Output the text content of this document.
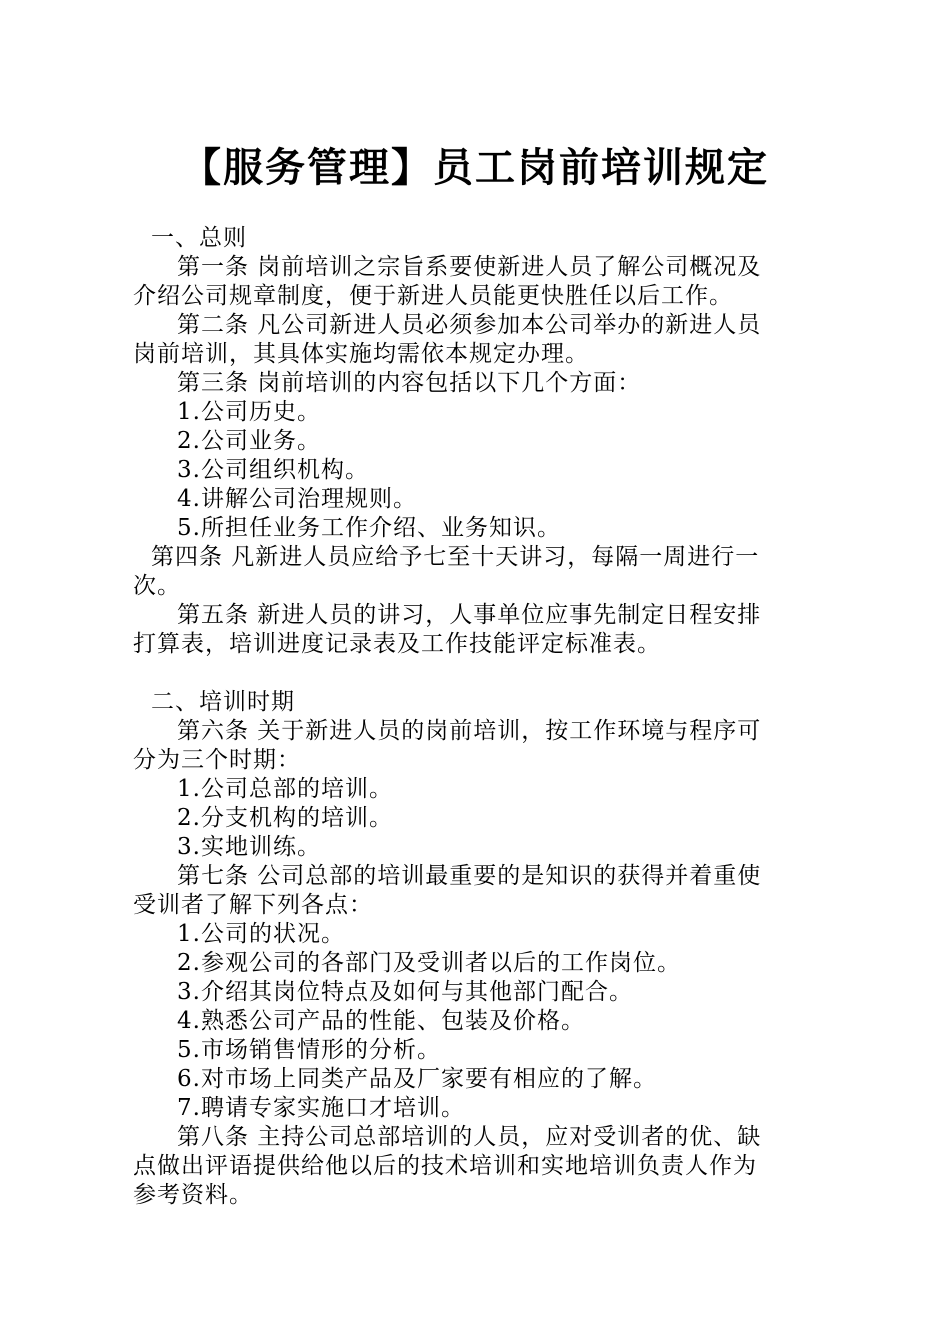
【服务管理】员工岗前培训规定
一、总则
第一条 岗前培训之宗旨系要使新进人员了解公司概况及
介绍公司规章制度，便于新进人员能更快胜任以后工作。
第二条 凡公司新进人员必须参加本公司举办的新进人员
岗前培训，其具体实施均需依本规定办理。
第三条 岗前培训的内容包括以下几个方面：
1.公司历史。
2.公司业务。
3.公司组织机构。
4.讲解公司治理规则。
5.所担任业务工作介绍、业务知识。
第四条 凡新进人员应给予七至十天讲习，每隔一周进行一
次。
第五条 新进人员的讲习，人事单位应事先制定日程安排
打算表，培训进度记录表及工作技能评定标准表。
二、培训时期
第六条 关于新进人员的岗前培训，按工作环境与程序可
分为三个时期：
1.公司总部的培训。
2.分支机构的培训。
3.实地训练。
第七条 公司总部的培训最重要的是知识的获得并着重使
受训者了解下列各点：
1.公司的状况。
2.参观公司的各部门及受训者以后的工作岗位。
3.介绍其岗位特点及如何与其他部门配合。
4.熟悉公司产品的性能、包装及价格。
5.市场销售情形的分析。
6.对市场上同类产品及厂家要有相应的了解。
7.聘请专家实施口才培训。
第八条 主持公司总部培训的人员，应对受训者的优、缺
点做出评语提供给他以后的技术培训和实地培训负责人作为
参考资料。
